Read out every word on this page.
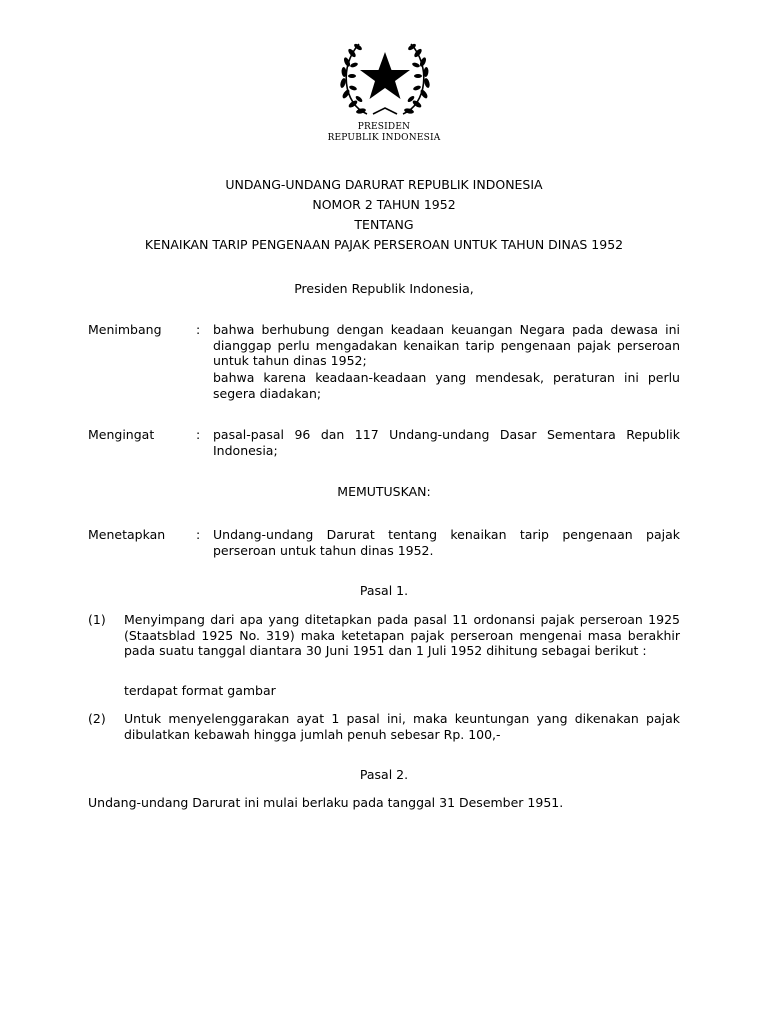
PRESIDEN
REPUBLIK INDONESIA
UNDANG-UNDANG DARURAT REPUBLIK INDONESIA
NOMOR 2 TAHUN 1952
TENTANG
KENAIKAN TARIP PENGENAAN PAJAK PERSEROAN UNTUK TAHUN DINAS 1952
Presiden Republik Indonesia,
Menimbang	: bahwa berhubung dengan keadaan keuangan Negara pada dewasa ini dianggap perlu mengadakan kenaikan tarip pengenaan pajak perseroan untuk tahun dinas 1952;
bahwa karena keadaan-keadaan yang mendesak, peraturan ini perlu segera diadakan;
Mengingat	: pasal-pasal 96 dan 117 Undang-undang Dasar Sementara Republik Indonesia;
MEMUTUSKAN:
Menetapkan : Undang-undang Darurat tentang kenaikan tarip pengenaan pajak perseroan untuk tahun dinas 1952.
Pasal 1.
(1) Menyimpang dari apa yang ditetapkan pada pasal 11 ordonansi pajak perseroan 1925 (Staatsblad 1925 No. 319) maka ketetapan pajak perseroan mengenai masa berakhir pada suatu tanggal diantara 30 Juni 1951 dan 1 Juli 1952 dihitung sebagai berikut :
terdapat format gambar
(2) Untuk menyelenggarakan ayat 1 pasal ini, maka keuntungan yang dikenakan pajak dibulatkan kebawah hingga jumlah penuh sebesar Rp. 100,-
Pasal 2.
Undang-undang Darurat ini mulai berlaku pada tanggal 31 Desember 1951.
